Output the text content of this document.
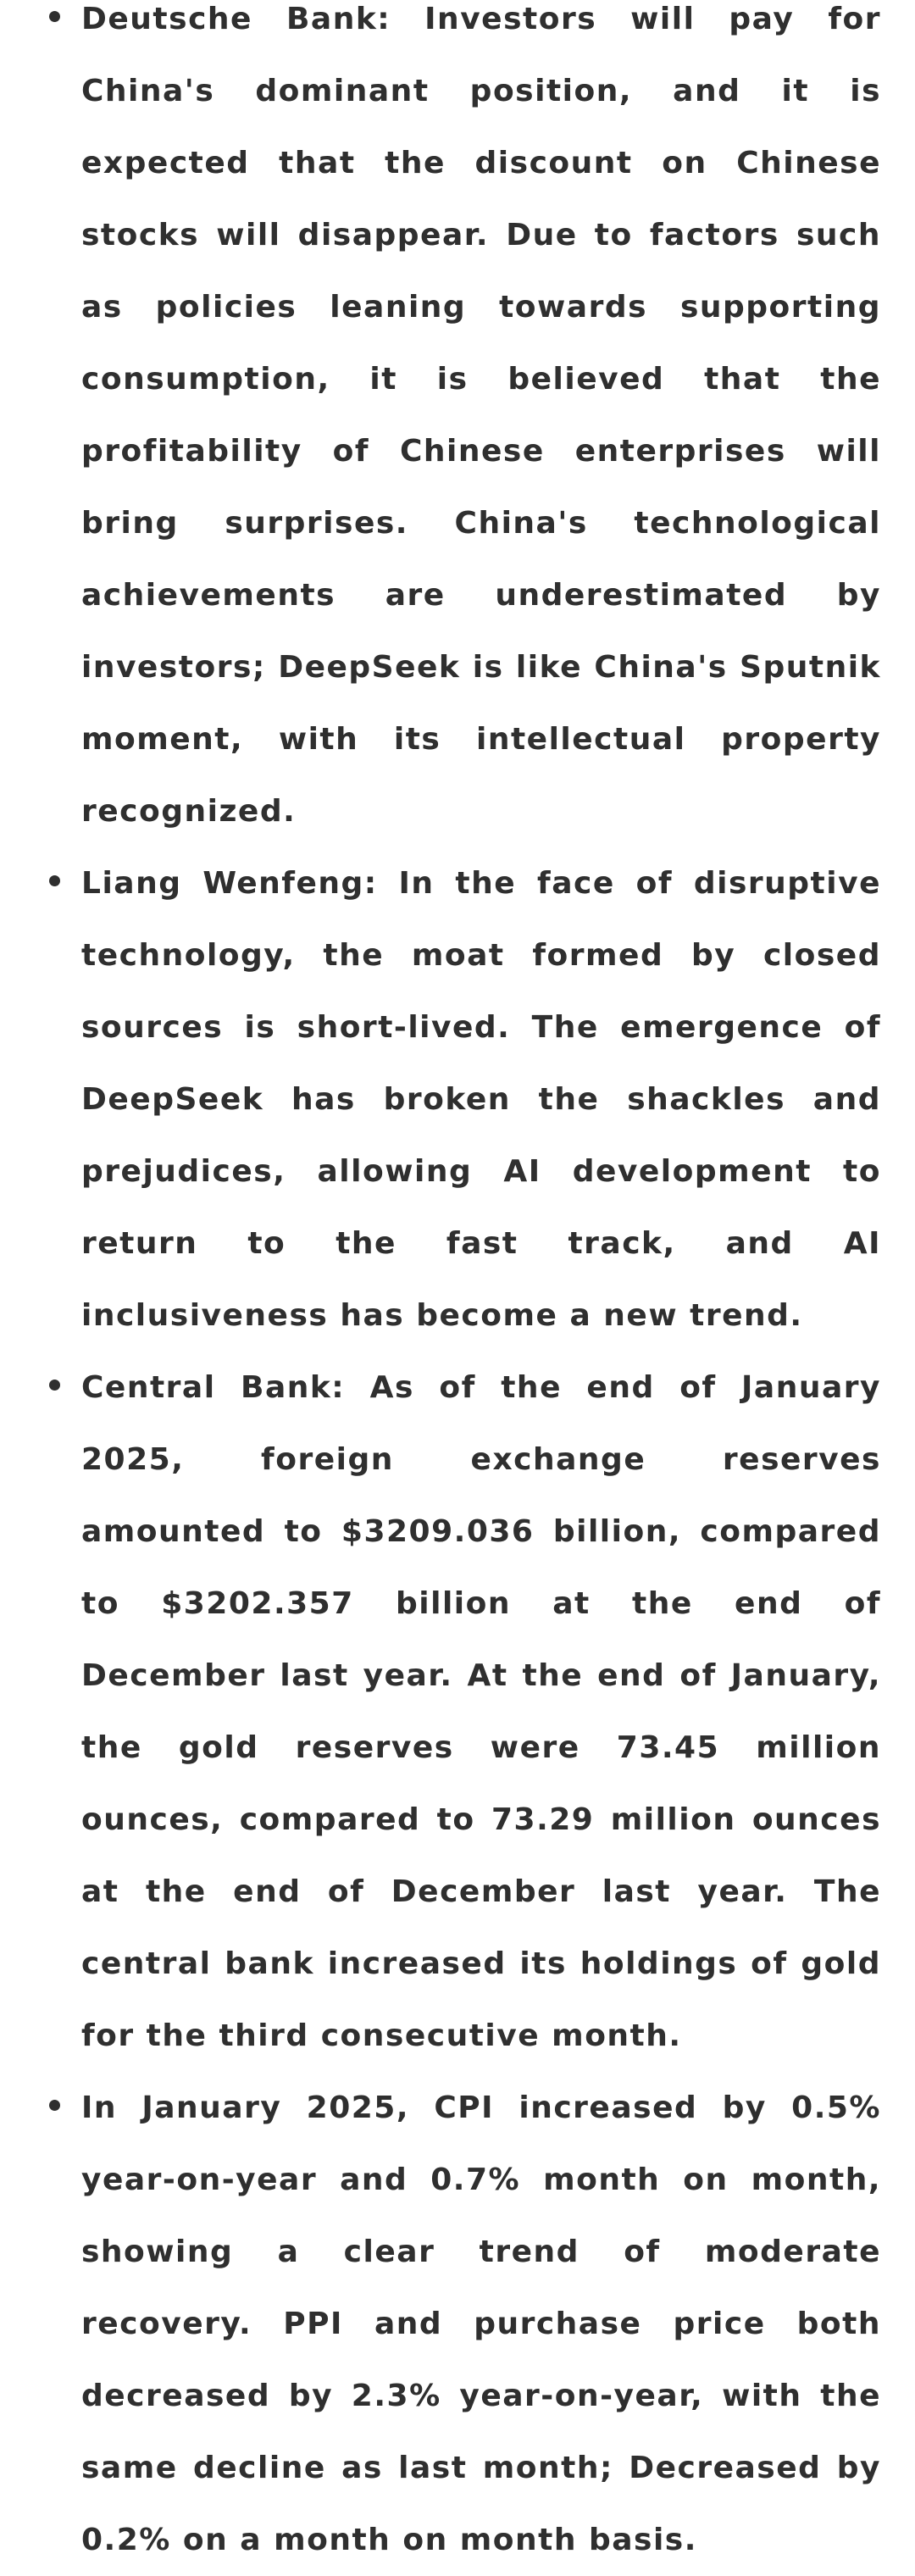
Deutsche Bank: Investors will pay for China's dominant position, and it is expected that the discount on Chinese stocks will disappear. Due to factors such as policies leaning towards supporting consumption, it is believed that the profitability of Chinese enterprises will bring surprises. China's technological achievements are underestimated by investors; DeepSeek is like China's Sputnik moment, with its intellectual property recognized.

Liang Wenfeng: In the face of disruptive technology, the moat formed by closed sources is short-lived. The emergence of DeepSeek has broken the shackles and prejudices, allowing AI development to return to the fast track, and AI inclusiveness has become a new trend.

Central Bank: As of the end of January 2025, foreign exchange reserves amounted to $3209.036 billion, compared to $3202.357 billion at the end of December last year. At the end of January, the gold reserves were 73.45 million ounces, compared to 73.29 million ounces at the end of December last year. The central bank increased its holdings of gold for the third consecutive month.

In January 2025, CPI increased by 0.5% year-on-year and 0.7% month on month, showing a clear trend of moderate recovery. PPI and purchase price both decreased by 2.3% year-on-year, with the same decline as last month; Decreased by 0.2% on a month on month basis.
